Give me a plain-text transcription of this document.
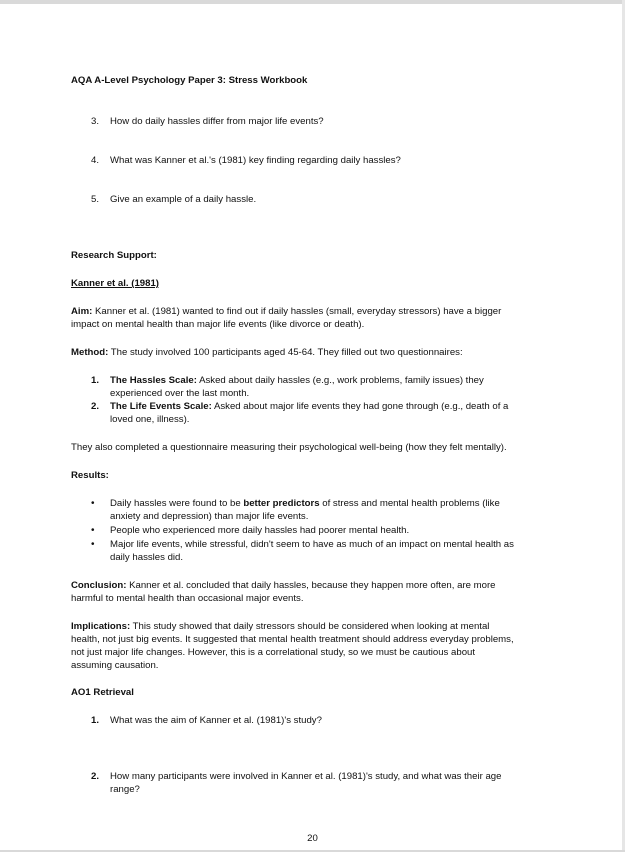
AQA A-Level Psychology Paper 3: Stress Workbook
3. How do daily hassles differ from major life events?
4. What was Kanner et al.'s (1981) key finding regarding daily hassles?
5. Give an example of a daily hassle.
Research Support:
Kanner et al. (1981)
Aim: Kanner et al. (1981) wanted to find out if daily hassles (small, everyday stressors) have a bigger
impact on mental health than major life events (like divorce or death).
Method: The study involved 100 participants aged 45-64. They filled out two questionnaires:
1. The Hassles Scale: Asked about daily hassles (e.g., work problems, family issues) they
experienced over the last month.
2. The Life Events Scale: Asked about major life events they had gone through (e.g., death of a
loved one, illness).
They also completed a questionnaire measuring their psychological well-being (how they felt mentally).
Results:
• Daily hassles were found to be better predictors of stress and mental health problems (like
anxiety and depression) than major life events.
• People who experienced more daily hassles had poorer mental health.
• Major life events, while stressful, didn't seem to have as much of an impact on mental health as
daily hassles did.
Conclusion: Kanner et al. concluded that daily hassles, because they happen more often, are more
harmful to mental health than occasional major events.
Implications: This study showed that daily stressors should be considered when looking at mental
health, not just big events. It suggested that mental health treatment should address everyday problems,
not just major life changes. However, this is a correlational study, so we must be cautious about
assuming causation.
AO1 Retrieval
1. What was the aim of Kanner et al. (1981)'s study?
2. How many participants were involved in Kanner et al. (1981)'s study, and what was their age
range?
20
